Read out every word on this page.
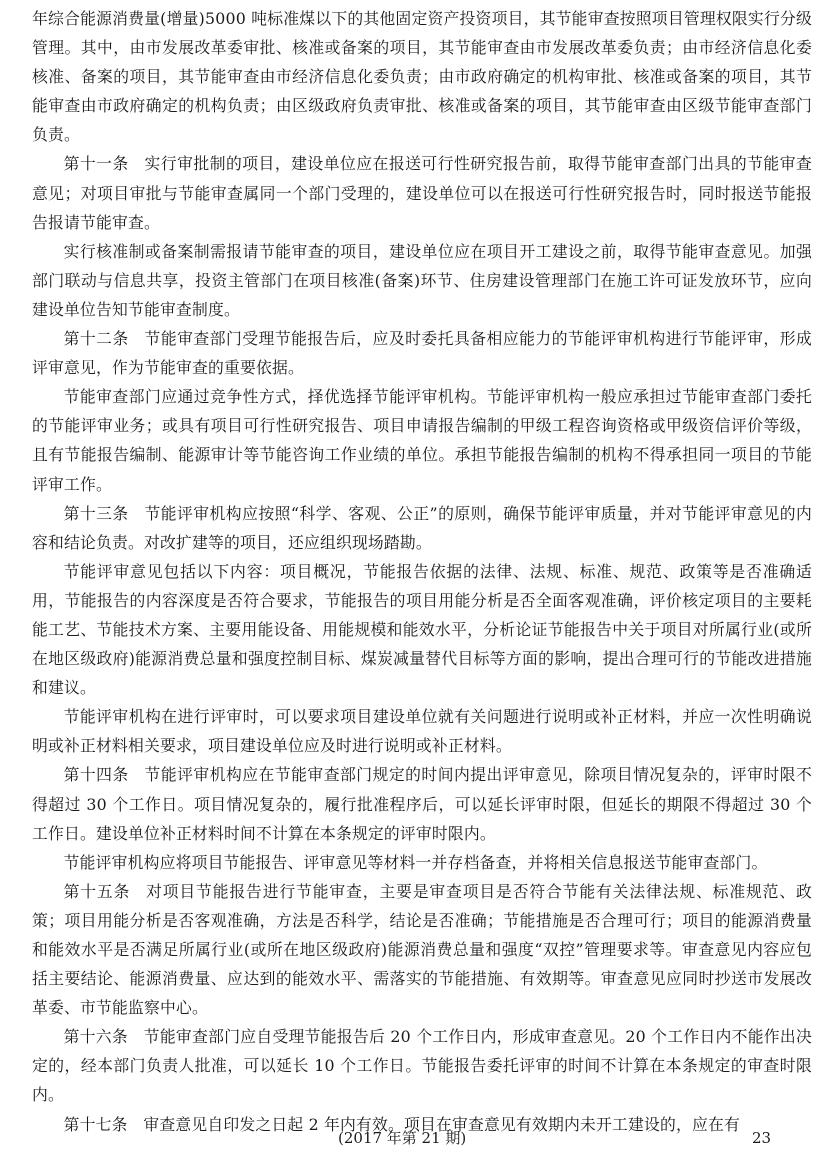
年综合能源消费量(增量)5000 吨标准煤以下的其他固定资产投资项目，其节能审查按照项目管理权限实行分级管理。其中，由市发展改革委审批、核准或备案的项目，其节能审查由市发展改革委负责；由市经济信息化委核准、备案的项目，其节能审查由市经济信息化委负责；由市政府确定的机构审批、核准或备案的项目，其节能审查由市政府确定的机构负责；由区级政府负责审批、核准或备案的项目，其节能审查由区级节能审查部门负责。

第十一条 实行审批制的项目，建设单位应在报送可行性研究报告前，取得节能审查部门出具的节能审查意见；对项目审批与节能审查属同一个部门受理的，建设单位可以在报送可行性研究报告时，同时报送节能报告报请节能审查。

实行核准制或备案制需报请节能审查的项目，建设单位应在项目开工建设之前，取得节能审查意见。加强部门联动与信息共享，投资主管部门在项目核准(备案)环节、住房建设管理部门在施工许可证发放环节，应向建设单位告知节能审查制度。

第十二条 节能审查部门受理节能报告后，应及时委托具备相应能力的节能评审机构进行节能评审，形成评审意见，作为节能审查的重要依据。

节能审查部门应通过竞争性方式，择优选择节能评审机构。节能评审机构一般应承担过节能审查部门委托的节能评审业务；或具有项目可行性研究报告、项目申请报告编制的甲级工程咨询资格或甲级资信评价等级，且有节能报告编制、能源审计等节能咨询工作业绩的单位。承担节能报告编制的机构不得承担同一项目的节能评审工作。

第十三条 节能评审机构应按照“科学、客观、公正”的原则，确保节能评审质量，并对节能评审意见的内容和结论负责。对改扩建等的项目，还应组织现场踏勘。

节能评审意见包括以下内容：项目概况，节能报告依据的法律、法规、标准、规范、政策等是否准确适用，节能报告的内容深度是否符合要求，节能报告的项目用能分析是否全面客观准确，评价核定项目的主要耗能工艺、节能技术方案、主要用能设备、用能规模和能效水平，分析论证节能报告中关于项目对所属行业(或所在地区级政府)能源消费总量和强度控制目标、煤炭减量替代目标等方面的影响，提出合理可行的节能改进措施和建议。

节能评审机构在进行评审时，可以要求项目建设单位就有关问题进行说明或补正材料，并应一次性明确说明或补正材料相关要求，项目建设单位应及时进行说明或补正材料。

第十四条 节能评审机构应在节能审查部门规定的时间内提出评审意见，除项目情况复杂的，评审时限不得超过 30 个工作日。项目情况复杂的，履行批准程序后，可以延长评审时限，但延长的期限不得超过 30 个工作日。建设单位补正材料时间不计算在本条规定的评审时限内。

节能评审机构应将项目节能报告、评审意见等材料一并存档备查，并将相关信息报送节能审查部门。

第十五条 对项目节能报告进行节能审查，主要是审查项目是否符合节能有关法律法规、标准规范、政策；项目用能分析是否客观准确，方法是否科学，结论是否准确；节能措施是否合理可行；项目的能源消费量和能效水平是否满足所属行业(或所在地区级政府)能源消费总量和强度“双控”管理要求等。审查意见内容应包括主要结论、能源消费量、应达到的能效水平、需落实的节能措施、有效期等。审查意见应同时抄送市发展改革委、市节能监察中心。

第十六条 节能审查部门应自受理节能报告后 20 个工作日内，形成审查意见。20 个工作日内不能作出决定的，经本部门负责人批准，可以延长 10 个工作日。节能报告委托评审的时间不计算在本条规定的审查时限内。

第十七条 审查意见自印发之日起 2 年内有效。项目在审查意见有效期内未开工建设的，应在有

(2017 年第 21 期)	23
